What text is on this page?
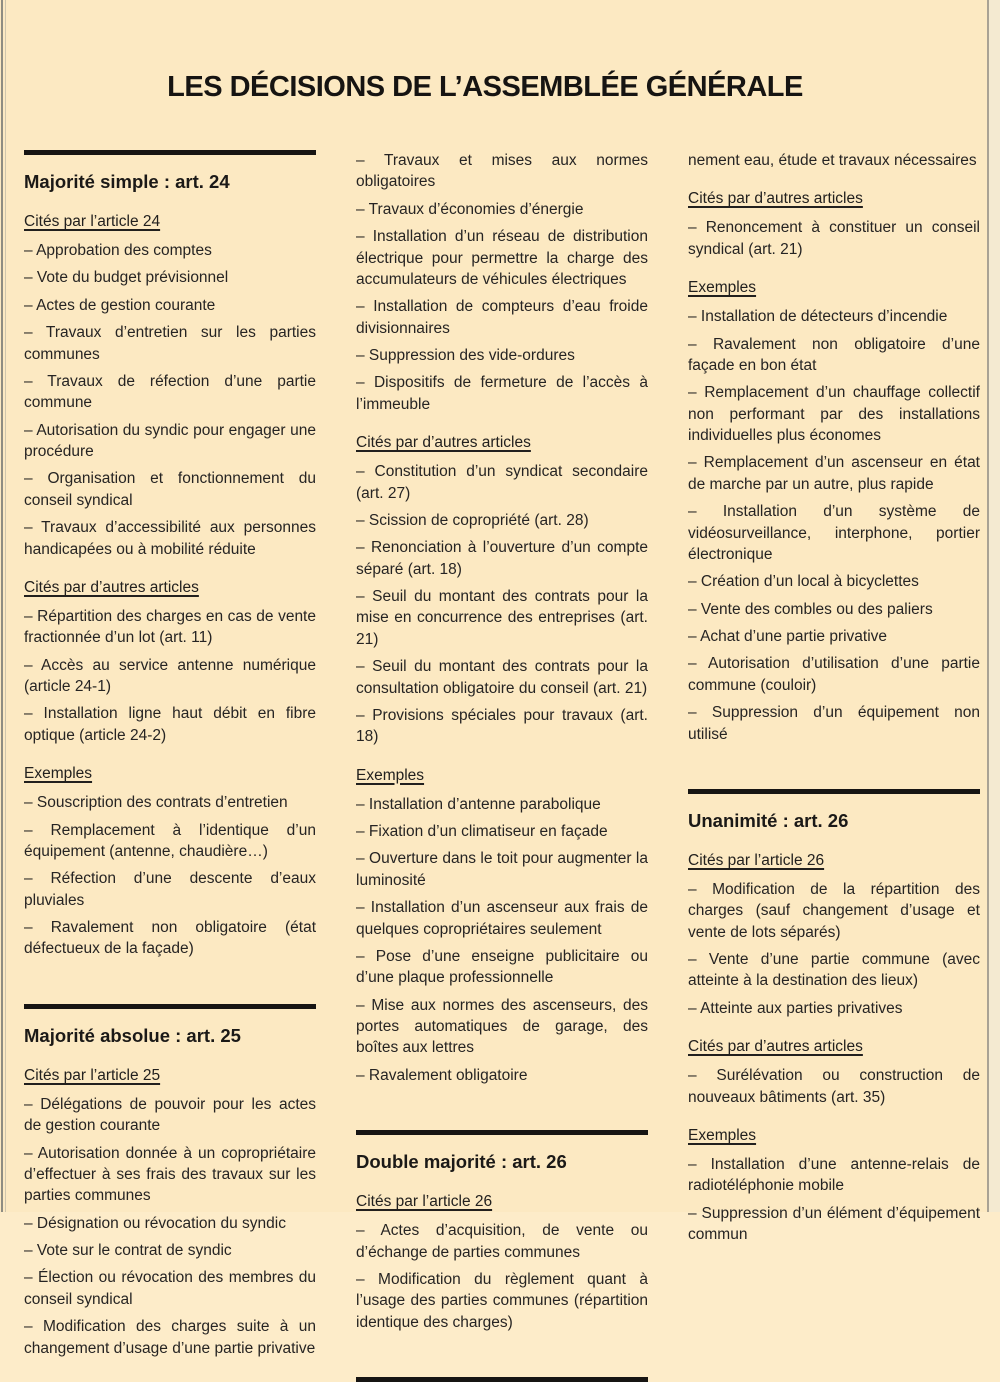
LES DÉCISIONS DE L’ASSEMBLÉE GÉNÉRALE
Majorité simple : art. 24
Cités par l’article 24

– Approbation des comptes

– Vote du budget prévisionnel

– Actes de gestion courante

– Travaux d’entretien sur les parties communes

– Travaux de réfection d’une partie commune

– Autorisation du syndic pour engager une procédure

– Organisation et fonctionnement du conseil syndical

– Travaux d’accessibilité aux personnes handicapées ou à mobilité réduite

Cités par d’autres articles

– Répartition des charges en cas de vente fractionnée d’un lot (art. 11)

– Accès au service antenne numérique (article 24-1)

– Installation ligne haut débit en fibre optique (article 24-2)

Exemples

– Souscription des contrats d’entretien

– Remplacement à l’identique d’un équipement (antenne, chaudière…)

– Réfection d’une descente d’eaux pluviales

– Ravalement non obligatoire (état défectueux de la façade)

Majorité absolue : art. 25
Cités par l’article 25

– Délégations de pouvoir pour les actes de gestion courante

– Autorisation donnée à un copropriétaire d’effectuer à ses frais des travaux sur les parties communes

– Désignation ou révocation du syndic

– Vote sur le contrat de syndic

– Élection ou révocation des membres du conseil syndical

– Modification des charges suite à un changement d’usage d’une partie privative

– Travaux et mises aux normes obligatoires

– Travaux d’économies d’énergie

– Installation d’un réseau de distribution électrique pour permettre la charge des accumulateurs de véhicules électriques

– Installation de compteurs d’eau froide divisionnaires

– Suppression des vide-ordures

– Dispositifs de fermeture de l’accès à l’immeuble

Cités par d’autres articles

– Constitution d’un syndicat secondaire (art. 27)

– Scission de copropriété (art. 28)

– Renonciation à l’ouverture d’un compte séparé (art. 18)

– Seuil du montant des contrats pour la mise en concurrence des entreprises (art. 21)

– Seuil du montant des contrats pour la consultation obligatoire du conseil (art. 21)

– Provisions spéciales pour travaux (art. 18)

Exemples

– Installation d’antenne parabolique

– Fixation d’un climatiseur en façade

– Ouverture dans le toit pour augmenter la luminosité

– Installation d’un ascenseur aux frais de quelques copropriétaires seulement

– Pose d’une enseigne publicitaire ou d’une plaque professionnelle

– Mise aux normes des ascenseurs, des portes automatiques de garage, des boîtes aux lettres

– Ravalement obligatoire

Double majorité : art. 26
Cités par l’article 26

– Actes d’acquisition, de vente ou d’échange de parties communes

– Modification du règlement quant à l’usage des parties communes (répartition identique des charges)

nement eau, étude et travaux nécessaires

Cités par d’autres articles

– Renoncement à constituer un conseil syndical (art. 21)

Exemples

– Installation de détecteurs d’incendie

– Ravalement non obligatoire d’une façade en bon état

– Remplacement d’un chauffage collectif non performant par des installations individuelles plus économes

– Remplacement d’un ascenseur en état de marche par un autre, plus rapide

– Installation d’un système de vidéosurveillance, interphone, portier électronique

– Création d’un local à bicyclettes

– Vente des combles ou des paliers

– Achat d’une partie privative

– Autorisation d’utilisation d’une partie commune (couloir)

– Suppression d’un équipement non utilisé

Unanimité : art. 26
Cités par l’article 26

– Modification de la répartition des charges (sauf changement d’usage et vente de lots séparés)

– Vente d’une partie commune (avec atteinte à la destination des lieux)

– Atteinte aux parties privatives

Cités par d’autres articles

– Surélévation ou construction de nouveaux bâtiments (art. 35)

Exemples

– Installation d’une antenne-relais de radiotéléphonie mobile

– Suppression d’un élément d’équipement commun
